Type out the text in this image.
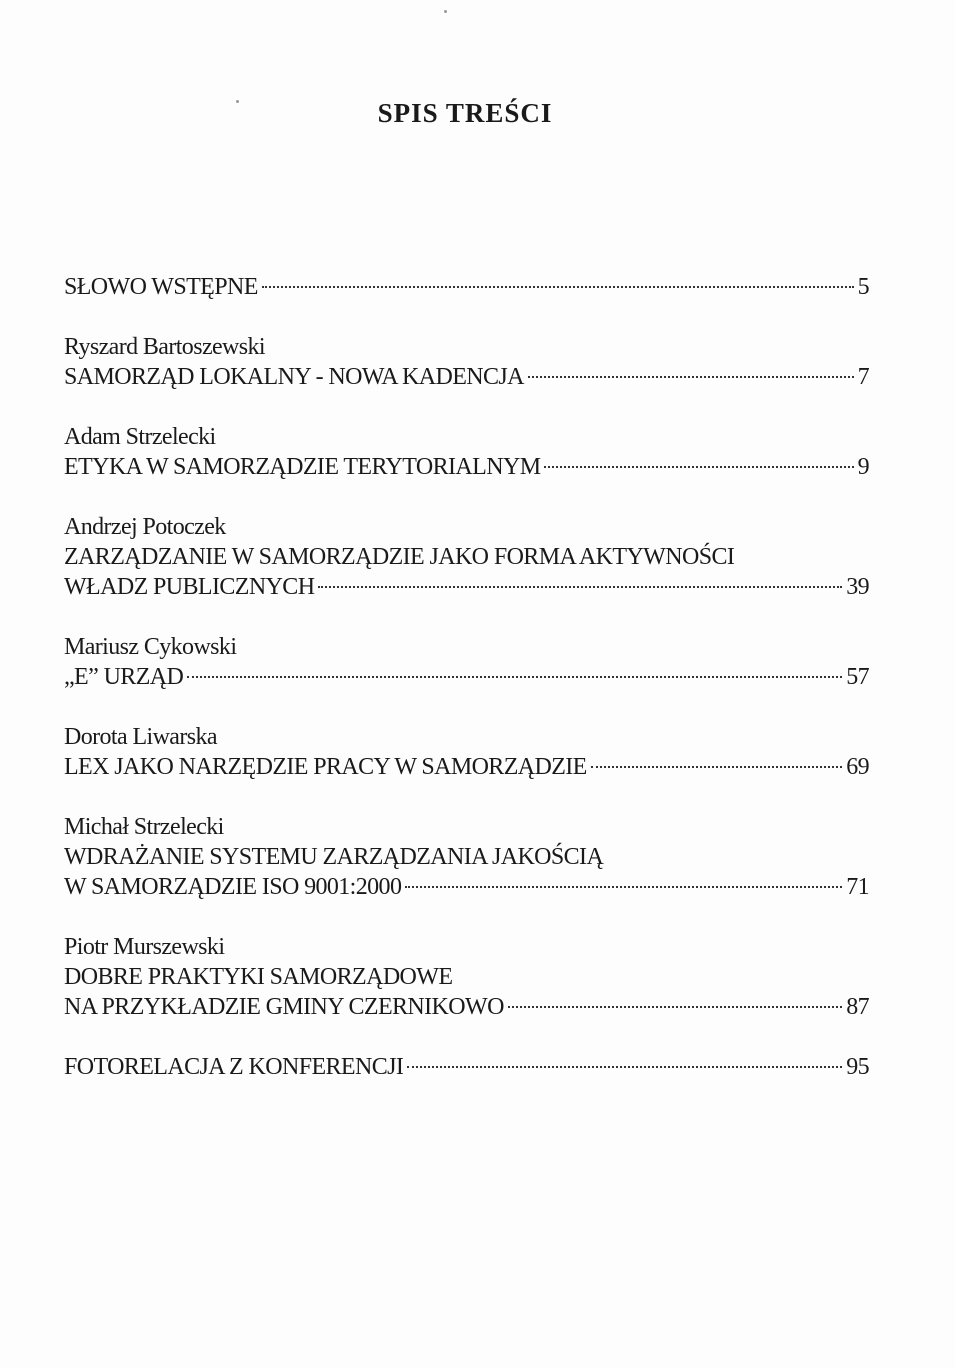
SPIS TREŚCI
SŁOWO WSTĘPNE	5
Ryszard Bartoszewski
SAMORZĄD LOKALNY - NOWA KADENCJA	7
Adam Strzelecki
ETYKA W SAMORZĄDZIE TERYTORIALNYM	9
Andrzej Potoczek
ZARZĄDZANIE W SAMORZĄDZIE JAKO FORMA AKTYWNOŚCI
WŁADZ PUBLICZNYCH	39
Mariusz Cykowski
„E” URZĄD	57
Dorota Liwarska
LEX JAKO NARZĘDZIE PRACY W SAMORZĄDZIE	69
Michał Strzelecki
WDRAŻANIE SYSTEMU ZARZĄDZANIA JAKOŚCIĄ
W SAMORZĄDZIE ISO 9001:2000	71
Piotr Murszewski
DOBRE PRAKTYKI SAMORZĄDOWE
NA PRZYKŁADZIE GMINY CZERNIKOWO	87
FOTORELACJA Z KONFERENCJI	95
